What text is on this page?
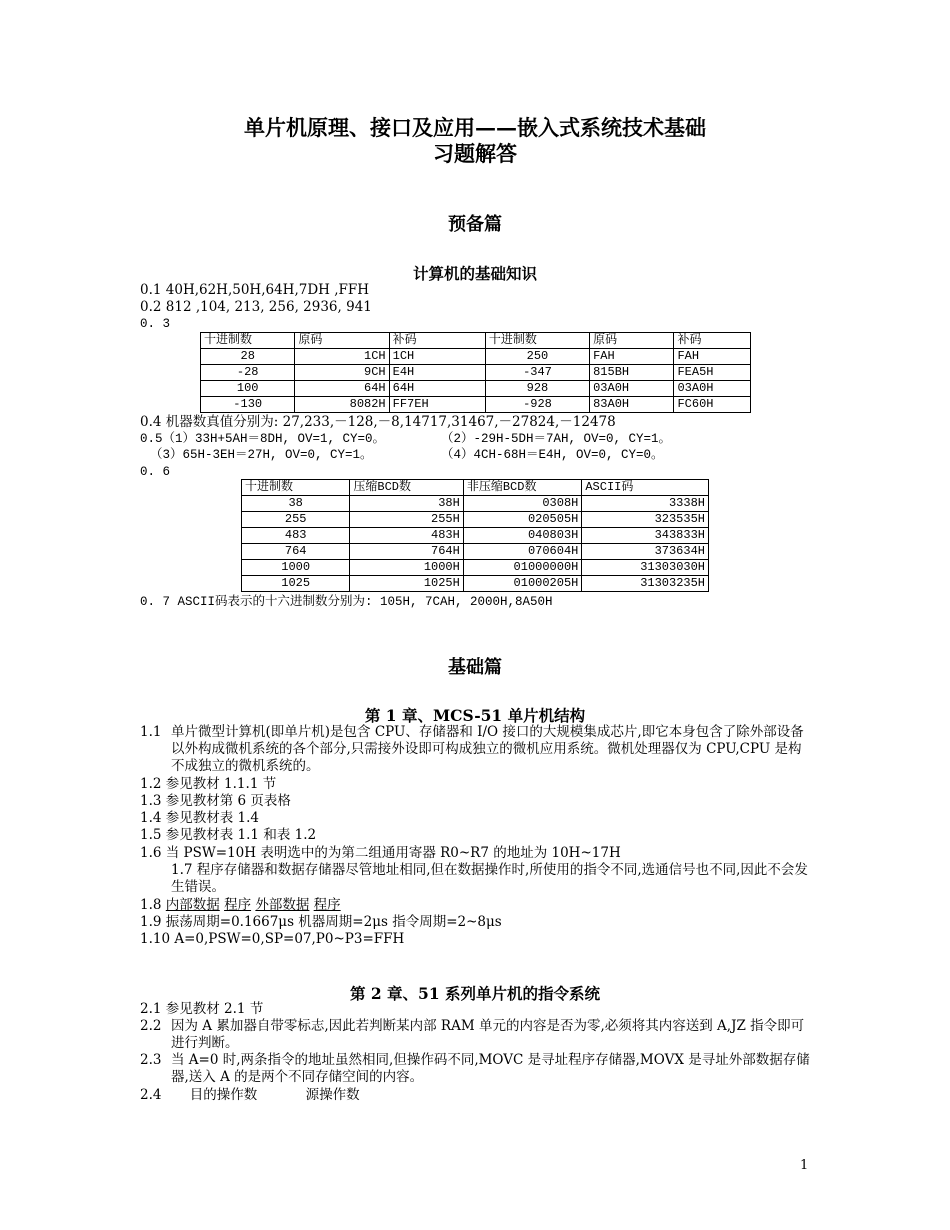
单片机原理、接口及应用——嵌入式系统技术基础
习题解答
预备篇
计算机的基础知识
0.1 40H,62H,50H,64H,7DH ,FFH
0.2 812 ,104, 213, 256, 2936, 941
0. 3
十进制数	原码	补码	十进制数	原码	补码
28	1CH	1CH	250	FAH	FAH
-28	9CH	E4H	-347	815BH	FEA5H
100	64H	64H	928	03A0H	03A0H
-130	8082H	FF7EH	-928	83A0H	FC60H
0.4 机器数真值分别为: 27,233,－128,－8,14717,31467,－27824,－12478
0.5（1）33H+5AH＝8DH, OV=1, CY=0。	（2）-29H-5DH＝7AH, OV=0, CY=1。
（3）65H-3EH＝27H, OV=0, CY=1。	（4）4CH-68H＝E4H, OV=0, CY=0。
0. 6
十进制数	压缩BCD数	非压缩BCD数	ASCII码
38	38H	0308H	3338H
255	255H	020505H	323535H
483	483H	040803H	343833H
764	764H	070604H	373634H
1000	1000H	01000000H	31303030H
1025	1025H	01000205H	31303235H
0. 7 ASCII码表示的十六进制数分别为: 105H, 7CAH, 2000H,8A50H
基础篇
第 1 章、MCS-51 单片机结构
1.1 单片微型计算机(即单片机)是包含 CPU、存储器和 I/O 接口的大规模集成芯片,即它本身包含了除外部设备以外构成微机系统的各个部分,只需接外设即可构成独立的微机应用系统。微机处理器仅为 CPU,CPU 是构不成独立的微机系统的。
1.2 参见教材 1.1.1 节
1.3 参见教材第 6 页表格
1.4 参见教材表 1.4
1.5 参见教材表 1.1 和表 1.2
1.6 当 PSW=10H 表明选中的为第二组通用寄器 R0~R7 的地址为 10H~17H
1.7 程序存储器和数据存储器尽管地址相同,但在数据操作时,所使用的指令不同,选通信号也不同,因此不会发生错误。
1.8 内部数据 程序 外部数据 程序
1.9 振荡周期=0.1667μs 机器周期=2μs 指令周期=2~8μs
1.10 A=0,PSW=0,SP=07,P0~P3=FFH
第 2 章、51 系列单片机的指令系统
2.1 参见教材 2.1 节
2.2 因为 A 累加器自带零标志,因此若判断某内部 RAM 单元的内容是否为零,必须将其内容送到 A,JZ 指令即可进行判断。
2.3 当 A=0 时,两条指令的地址虽然相同,但操作码不同,MOVC 是寻址程序存储器,MOVX 是寻址外部数据存储器,送入 A 的是两个不同存储空间的内容。
2.4 目的操作数	源操作数
1
